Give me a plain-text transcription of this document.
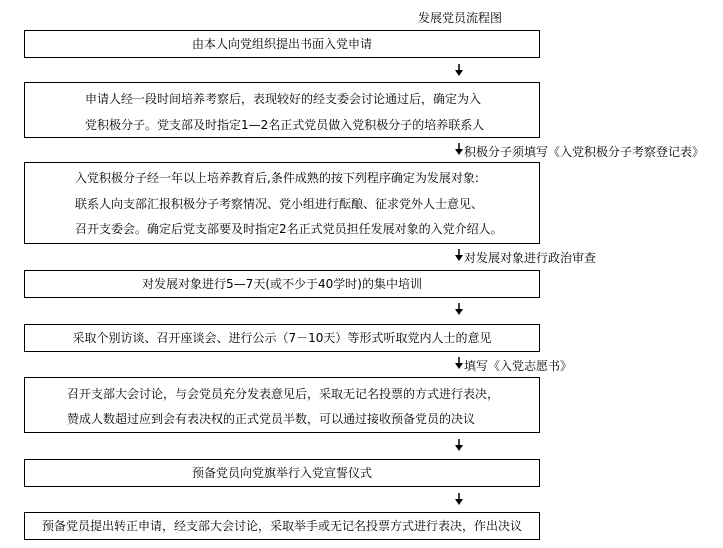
发展党员流程图
由本人向党组织提出书面入党申请
申请人经一段时间培养考察后，表现较好的经支委会讨论通过后，确定为入
党积极分子。党支部及时指定1—2名正式党员做入党积极分子的培养联系人
积极分子须填写《入党积极分子考察登记表》
入党积极分子经一年以上培养教育后,条件成熟的按下列程序确定为发展对象:
联系人向支部汇报积极分子考察情况、党小组进行酝酿、征求党外人士意见、
召开支委会。确定后党支部要及时指定2名正式党员担任发展对象的入党介绍人。
对发展对象进行政治审查
对发展对象进行5—7天(或不少于40学时)的集中培训
采取个别访谈、召开座谈会、进行公示（7－10天）等形式听取党内人士的意见
填写《入党志愿书》
召开支部大会讨论，与会党员充分发表意见后，采取无记名投票的方式进行表决，
赞成人数超过应到会有表决权的正式党员半数，可以通过接收预备党员的决议
预备党员向党旗举行入党宣誓仪式
预备党员提出转正申请，经支部大会讨论，采取举手或无记名投票方式进行表决，作出决议
